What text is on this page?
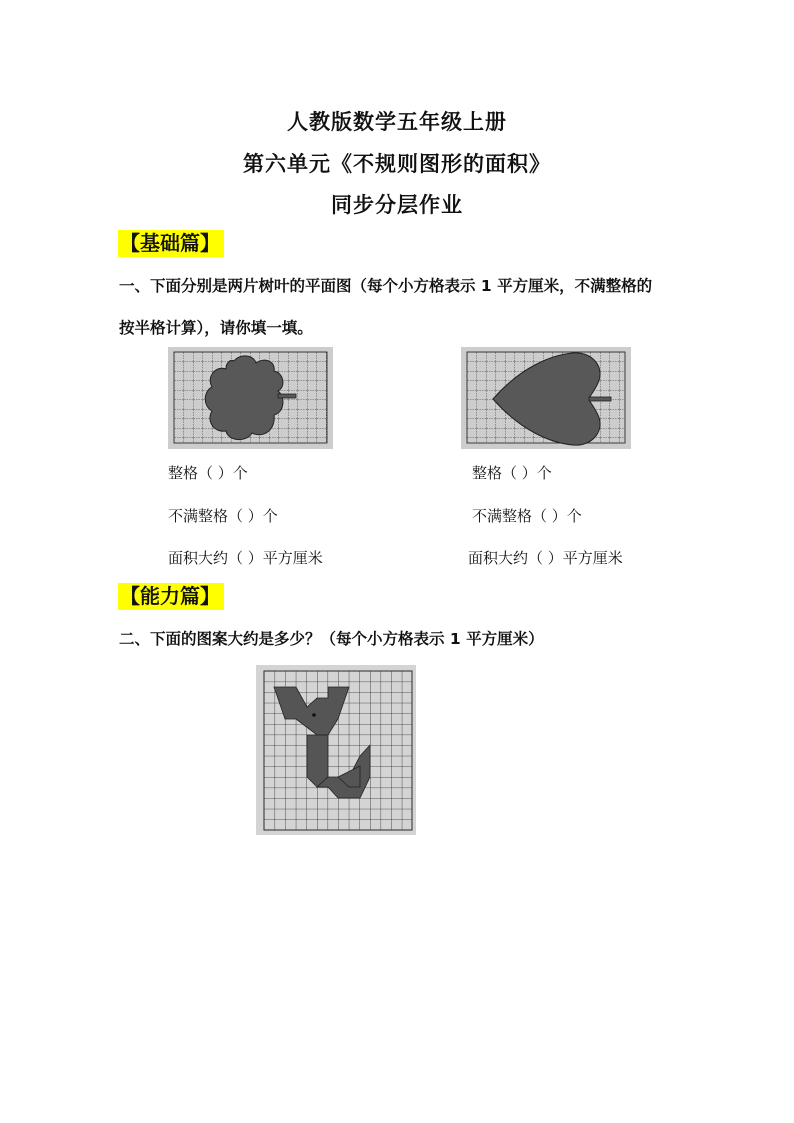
人教版数学五年级上册
第六单元《不规则图形的面积》
同步分层作业
【基础篇】
一、下面分别是两片树叶的平面图（每个小方格表示 1 平方厘米，不满整格的
按半格计算），请你填一填。
整格（ ）个
不满整格（ ）个
面积大约（ ）平方厘米
整格（ ）个
不满整格（ ）个
面积大约（ ）平方厘米
【能力篇】
二、下面的图案大约是多少？（每个小方格表示 1 平方厘米）
